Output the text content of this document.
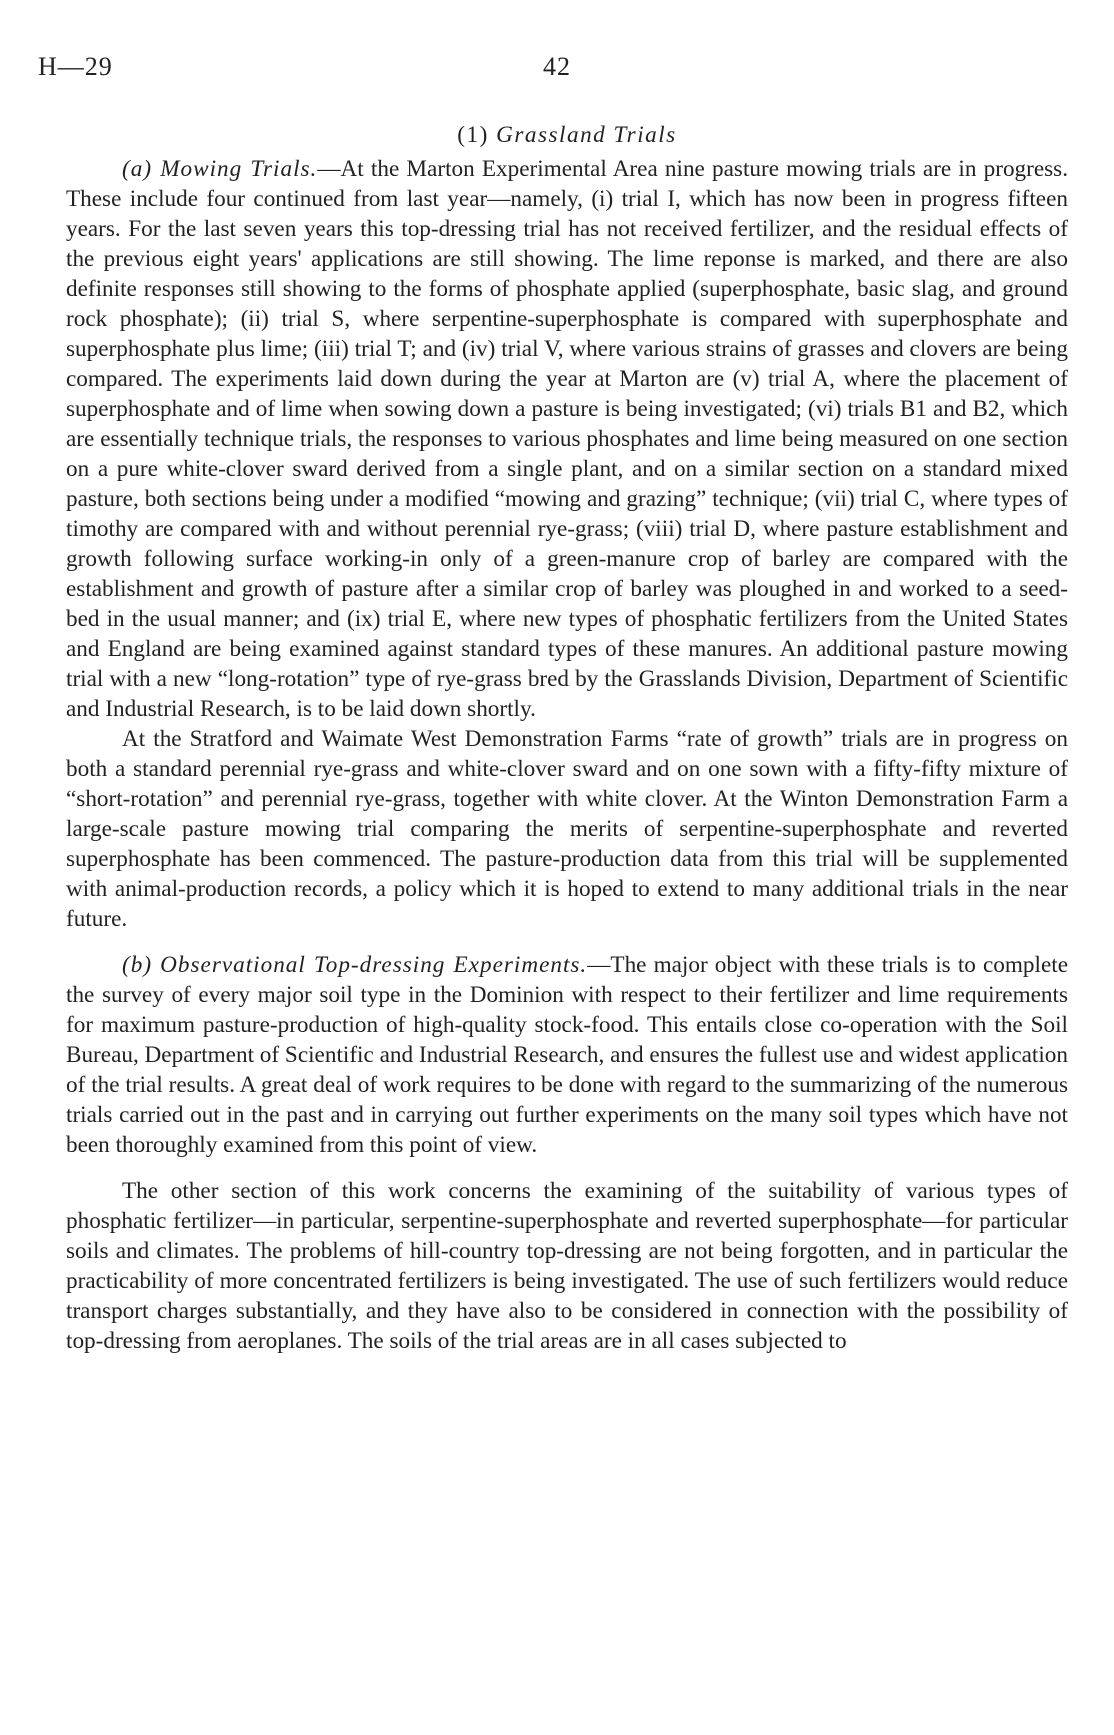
H—29	42
(1) Grassland Trials

(a) Mowing Trials.—At the Marton Experimental Area nine pasture mowing trials are in progress. These include four continued from last year—namely, (i) trial I, which has now been in progress fifteen years. For the last seven years this top-dressing trial has not received fertilizer, and the residual effects of the previous eight years' applications are still showing. The lime reponse is marked, and there are also definite responses still showing to the forms of phosphate applied (superphosphate, basic slag, and ground rock phosphate); (ii) trial S, where serpentine-superphosphate is compared with superphosphate and superphosphate plus lime; (iii) trial T; and (iv) trial V, where various strains of grasses and clovers are being compared. The experiments laid down during the year at Marton are (v) trial A, where the placement of superphosphate and of lime when sowing down a pasture is being investigated; (vi) trials B1 and B2, which are essentially technique trials, the responses to various phosphates and lime being measured on one section on a pure white-clover sward derived from a single plant, and on a similar section on a standard mixed pasture, both sections being under a modified “mowing and grazing” technique; (vii) trial C, where types of timothy are compared with and without perennial rye-grass; (viii) trial D, where pasture establishment and growth following surface working-in only of a green-manure crop of barley are compared with the establishment and growth of pasture after a similar crop of barley was ploughed in and worked to a seed-bed in the usual manner; and (ix) trial E, where new types of phosphatic fertilizers from the United States and England are being examined against standard types of these manures. An additional pasture mowing trial with a new “long-rotation” type of rye-grass bred by the Grasslands Division, Department of Scientific and Industrial Research, is to be laid down shortly.

At the Stratford and Waimate West Demonstration Farms “rate of growth” trials are in progress on both a standard perennial rye-grass and white-clover sward and on one sown with a fifty-fifty mixture of “short-rotation” and perennial rye-grass, together with white clover. At the Winton Demonstration Farm a large-scale pasture mowing trial comparing the merits of serpentine-superphosphate and reverted superphosphate has been commenced. The pasture-production data from this trial will be supplemented with animal-production records, a policy which it is hoped to extend to many additional trials in the near future.

(b) Observational Top-dressing Experiments.—The major object with these trials is to complete the survey of every major soil type in the Dominion with respect to their fertilizer and lime requirements for maximum pasture-production of high-quality stock-food. This entails close co-operation with the Soil Bureau, Department of Scientific and Industrial Research, and ensures the fullest use and widest application of the trial results. A great deal of work requires to be done with regard to the summarizing of the numerous trials carried out in the past and in carrying out further experiments on the many soil types which have not been thoroughly examined from this point of view.

The other section of this work concerns the examining of the suitability of various types of phosphatic fertilizer—in particular, serpentine-superphosphate and reverted superphosphate—for particular soils and climates. The problems of hill-country top-dressing are not being forgotten, and in particular the practicability of more concentrated fertilizers is being investigated. The use of such fertilizers would reduce transport charges substantially, and they have also to be considered in connection with the possibility of top-dressing from aeroplanes. The soils of the trial areas are in all cases subjected to
